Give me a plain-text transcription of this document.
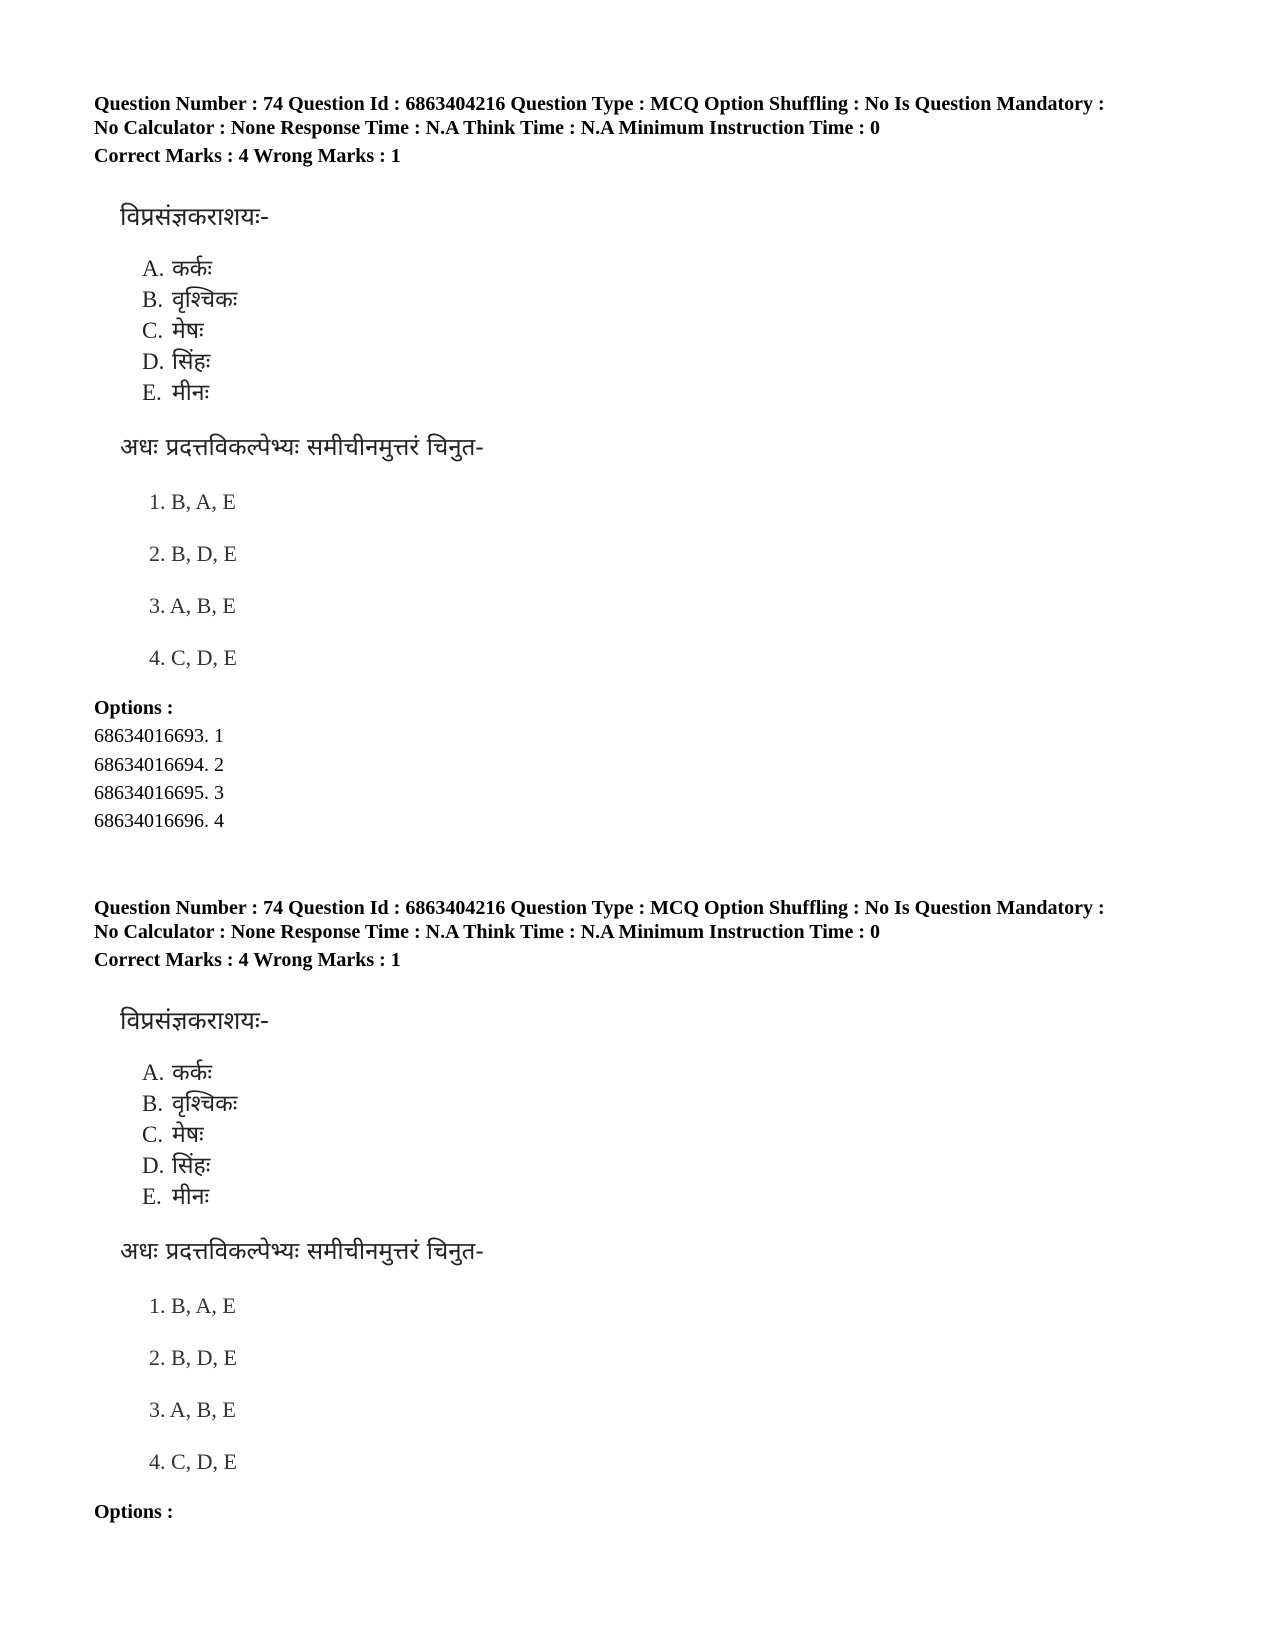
Question Number : 74 Question Id : 6863404216 Question Type : MCQ Option Shuffling : No Is Question Mandatory :

No Calculator : None Response Time : N.A Think Time : N.A Minimum Instruction Time : 0

Correct Marks : 4 Wrong Marks : 1

विप्रसंज्ञकराशयः-
A. कर्कः
B. वृश्चिकः
C. मेषः
D. सिंहः
E. मीनः
अधः प्रदत्तविकल्पेभ्यः समीचीनमुत्तरं चिनुत-
1. B, A, E
2. B, D, E
3. A, B, E
4. C, D, E
Options :
68634016693. 1
68634016694. 2
68634016695. 3
68634016696. 4

Question Number : 74 Question Id : 6863404216 Question Type : MCQ Option Shuffling : No Is Question Mandatory :

No Calculator : None Response Time : N.A Think Time : N.A Minimum Instruction Time : 0

Correct Marks : 4 Wrong Marks : 1

विप्रसंज्ञकराशयः-
A. कर्कः
B. वृश्चिकः
C. मेषः
D. सिंहः
E. मीनः
अधः प्रदत्तविकल्पेभ्यः समीचीनमुत्तरं चिनुत-
1. B, A, E
2. B, D, E
3. A, B, E
4. C, D, E
Options :
